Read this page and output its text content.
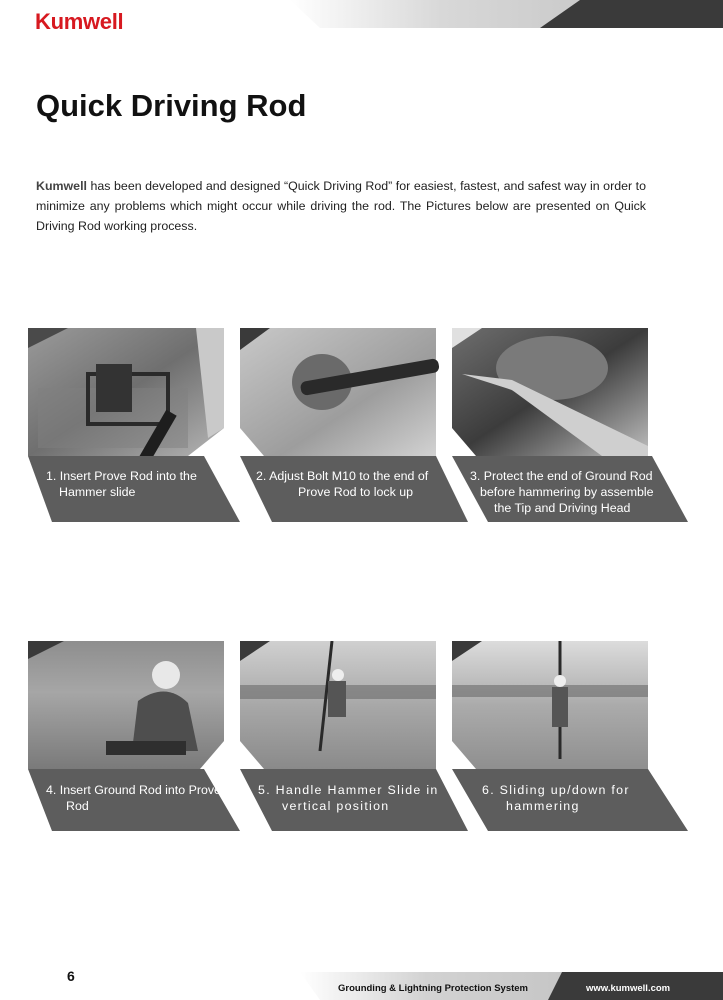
Kumwell
Quick Driving Rod

Kumwell has been developed and designed “Quick Driving Rod” for easiest, fastest, and safest way in order to minimize any problems which might occur while driving the rod. The Pictures below are presented on Quick Driving Rod working process.

1. Insert Prove Rod into the
Hammer slide

2. Adjust Bolt M10 to the end of
Prove Rod to lock up

3. Protect the end of Ground Rod
before hammering by assemble
the Tip and Driving Head

4. Insert Ground Rod into Prove
Rod

5. Handle Hammer Slide in
vertical position

6. Sliding up/down for
hammering

6
Grounding & Lightning Protection System	www.kumwell.com
